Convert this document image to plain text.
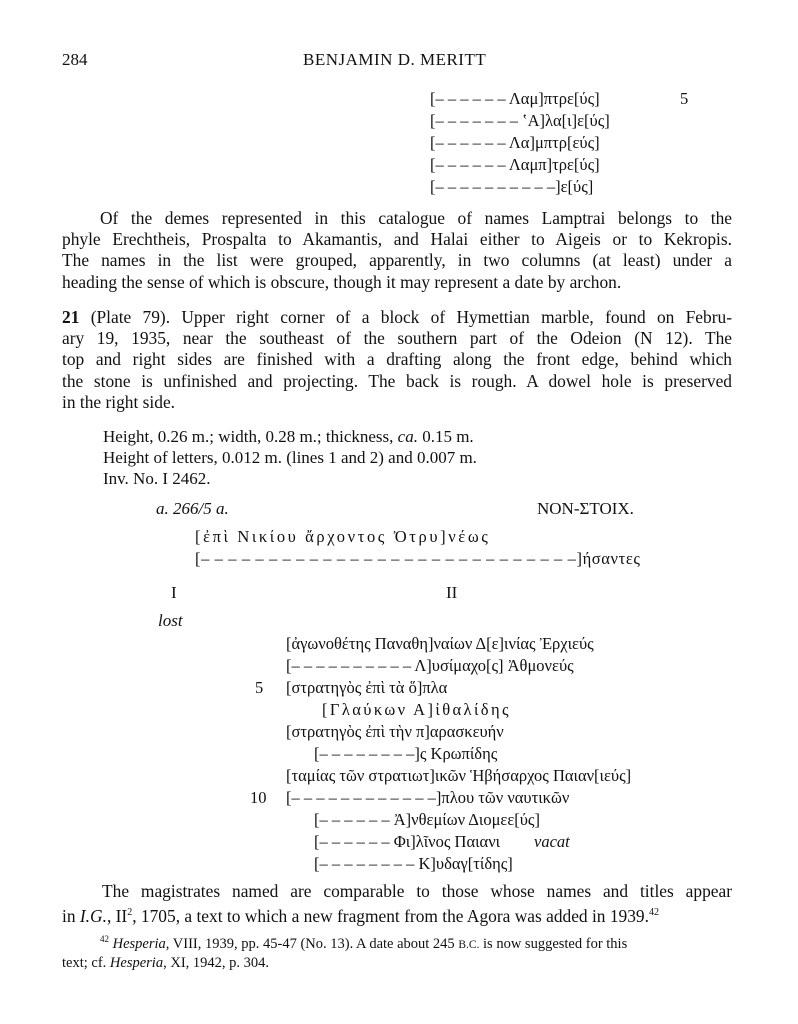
284	BENJAMIN D. MERITT
[– – – – – – Λαμ]πτρε[ύς]	5
[– – – – – – – ʽΑ]λα[ι]ε[ύς]
[– – – – – – Λα]μπτρ[εύς]
[– – – – – – Λαμπ]τρε[ύς]
[– – – – – – – – – –]ε[ύς]
Of the demes represented in this catalogue of names Lamptrai belongs to the
phyle Erechtheis, Prospalta to Akamantis, and Halai either to Aigeis or to Kekropis.
The names in the list were grouped, apparently, in two columns (at least) under a
heading the sense of which is obscure, though it may represent a date by archon.
21 (Plate 79). Upper right corner of a block of Hymettian marble, found on Febru-
ary 19, 1935, near the southeast of the southern part of the Odeion (N 12). The
top and right sides are finished with a drafting along the front edge, behind which
the stone is unfinished and projecting. The back is rough. A dowel hole is preserved
in the right side.
Height, 0.26 m.; width, 0.28 m.; thickness, ca. 0.15 m.
Height of letters, 0.012 m. (lines 1 and 2) and 0.007 m.
Inv. No. I 2462.
a. 266/5 a.	NON-ΣΤΟΙΧ.
[ἐπὶ Νικίου ἄρχοντος Ὀτρυ]νέως
[– – – – – – – – – – – – – – – – – – – – – – – – – – – –]ήσαντες
I	II
lost
[ἀγωνοθέτης Παναθη]ναίων Δ[ε]ινίας Ἐρχιεύς
[– – – – – – – – – – Λ]υσίμαχο[ς] Ἀθμονεύς
5 [στρατηγὸς ἐπὶ τὰ ὅ]πλα
[Γλαύκων Α]ἰθαλίδης
[στρατηγὸς ἐπὶ τὴν π]αρασκευήν
[– – – – – – – –]ς Κρωπίδης
[ταμίας τῶν στρατιωτ]ικῶν Ἡβήσαρχος Παιαν[ιεύς]
10 [– – – – – – – – – – – –]πλου τῶν ναυτικῶν
[– – – – – – Ἀ]νθεμίων Διομεε[ύς]
[– – – – – – Φι]λῖνος Παιανι vacat
[– – – – – – – – Κ]υδαγ[τίδης]
The magistrates named are comparable to those whose names and titles appear
in I.G., $II^2$, 1705, a text to which a new fragment from the Agora was added in 1939.42
$^{42}$ Hesperia, VIII, 1939, pp. 45-47 (No. 13). A date about 245 B.C. is now suggested for this
text; cf. Hesperia, XI, 1942, p. 304.
